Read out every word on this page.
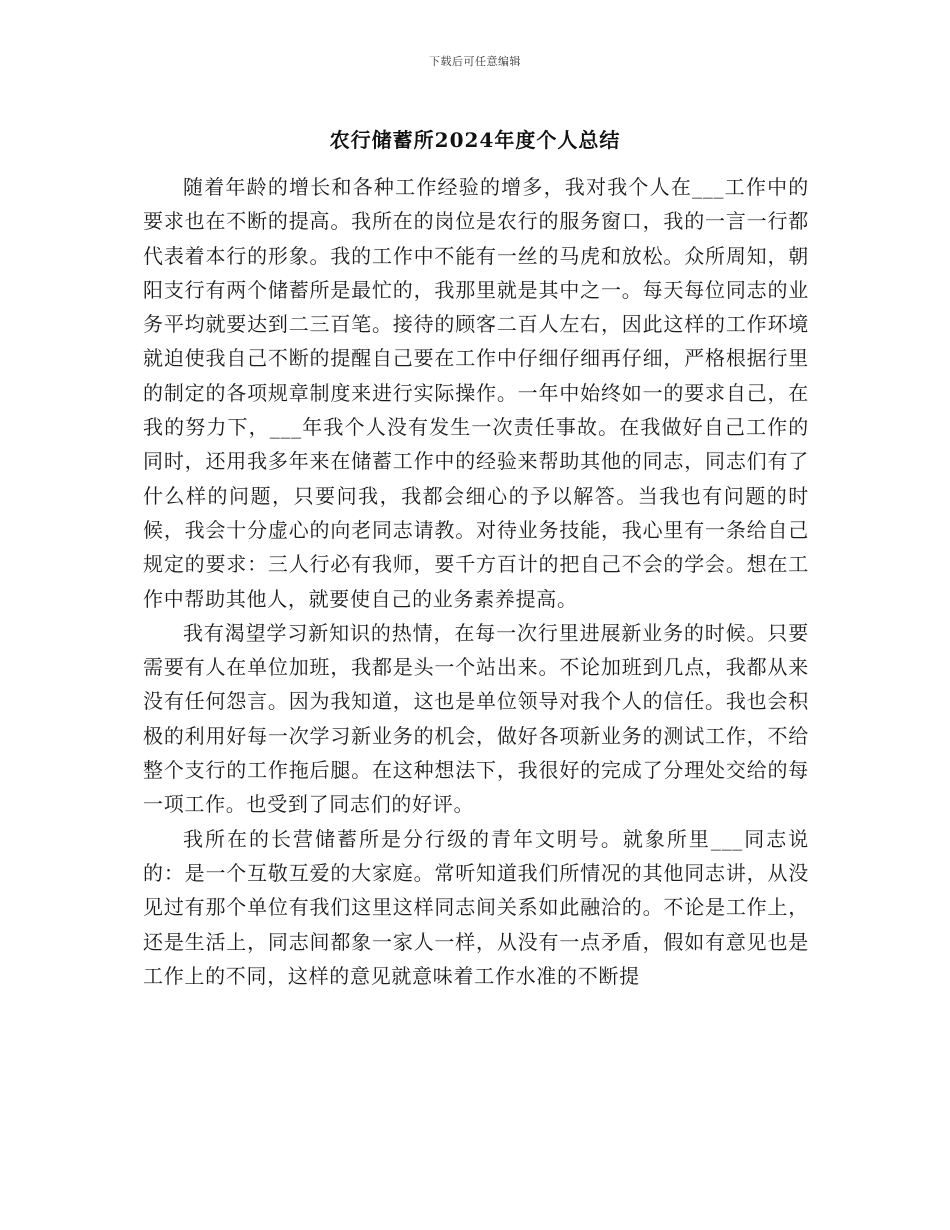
下载后可任意编辑
农行储蓄所2024年度个人总结

随着年龄的增长和各种工作经验的增多，我对我个人在___工作中的要求也在不断的提高。我所在的岗位是农行的服务窗口，我的一言一行都代表着本行的形象。我的工作中不能有一丝的马虎和放松。众所周知，朝阳支行有两个储蓄所是最忙的，我那里就是其中之一。每天每位同志的业务平均就要达到二三百笔。接待的顾客二百人左右，因此这样的工作环境就迫使我自己不断的提醒自己要在工作中仔细仔细再仔细，严格根据行里的制定的各项规章制度来进行实际操作。一年中始终如一的要求自己，在我的努力下，___年我个人没有发生一次责任事故。在我做好自己工作的同时，还用我多年来在储蓄工作中的经验来帮助其他的同志，同志们有了什么样的问题，只要问我，我都会细心的予以解答。当我也有问题的时候，我会十分虚心的向老同志请教。对待业务技能，我心里有一条给自己规定的要求：三人行必有我师，要千方百计的把自己不会的学会。想在工作中帮助其他人，就要使自己的业务素养提高。

我有渴望学习新知识的热情，在每一次行里进展新业务的时候。只要需要有人在单位加班，我都是头一个站出来。不论加班到几点，我都从来没有任何怨言。因为我知道，这也是单位领导对我个人的信任。我也会积极的利用好每一次学习新业务的机会，做好各项新业务的测试工作，不给整个支行的工作拖后腿。在这种想法下，我很好的完成了分理处交给的每一项工作。也受到了同志们的好评。

我所在的长营储蓄所是分行级的青年文明号。就象所里___同志说的：是一个互敬互爱的大家庭。常听知道我们所情况的其他同志讲，从没见过有那个单位有我们这里这样同志间关系如此融洽的。不论是工作上，还是生活上，同志间都象一家人一样，从没有一点矛盾，假如有意见也是工作上的不同，这样的意见就意味着工作水准的不断提
